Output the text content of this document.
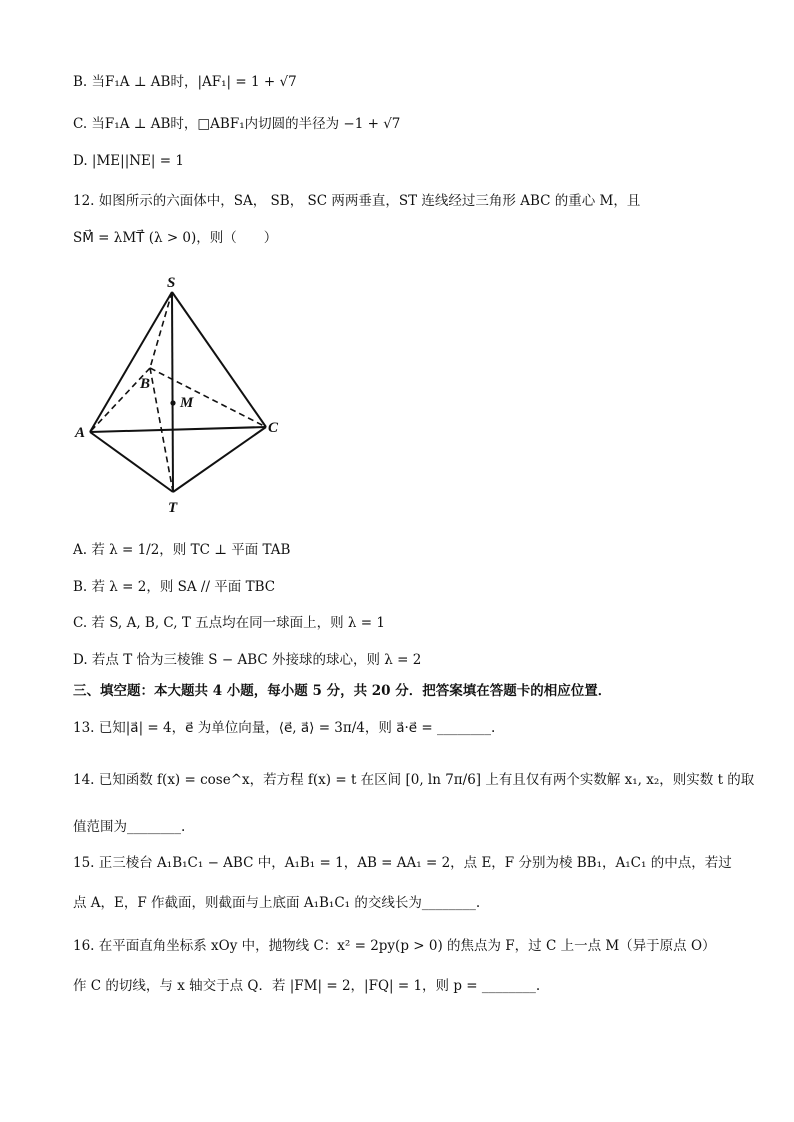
B. 当F₁A ⊥ AB时，|AF₁| = 1 + √7
C. 当F₁A ⊥ AB时，□ABF₁内切圆的半径为 −1 + √7
D. |ME||NE| = 1
12. 如图所示的六面体中，SA， SB， SC 两两垂直，ST 连线经过三角形 ABC 的重心 M，且
SM⃗ = λMT⃗ (λ > 0)，则（　　）
S
A
B
C
M
T
A. 若 λ = 1/2，则 TC ⊥ 平面 TAB
B. 若 λ = 2，则 SA // 平面 TBC
C. 若 S, A, B, C, T 五点均在同一球面上，则 λ = 1
D. 若点 T 恰为三棱锥 S − ABC 外接球的球心，则 λ = 2
三、填空题：本大题共 4 小题，每小题 5 分，共 20 分．把答案填在答题卡的相应位置．
13. 已知|a⃗| = 4，e⃗ 为单位向量，⟨e⃗, a⃗⟩ = 3π/4，则 a⃗·e⃗ = ________.
14. 已知函数 f(x) = cose^x，若方程 f(x) = t 在区间 [0, ln 7π/6] 上有且仅有两个实数解 x₁, x₂，则实数 t 的取
值范围为________.
15. 正三棱台 A₁B₁C₁ − ABC 中，A₁B₁ = 1，AB = AA₁ = 2，点 E，F 分别为棱 BB₁，A₁C₁ 的中点，若过
点 A，E，F 作截面，则截面与上底面 A₁B₁C₁ 的交线长为________.
16. 在平面直角坐标系 xOy 中，抛物线 C：x² = 2py(p > 0) 的焦点为 F，过 C 上一点 M（异于原点 O）
作 C 的切线，与 x 轴交于点 Q．若 |FM| = 2，|FQ| = 1，则 p = ________.
